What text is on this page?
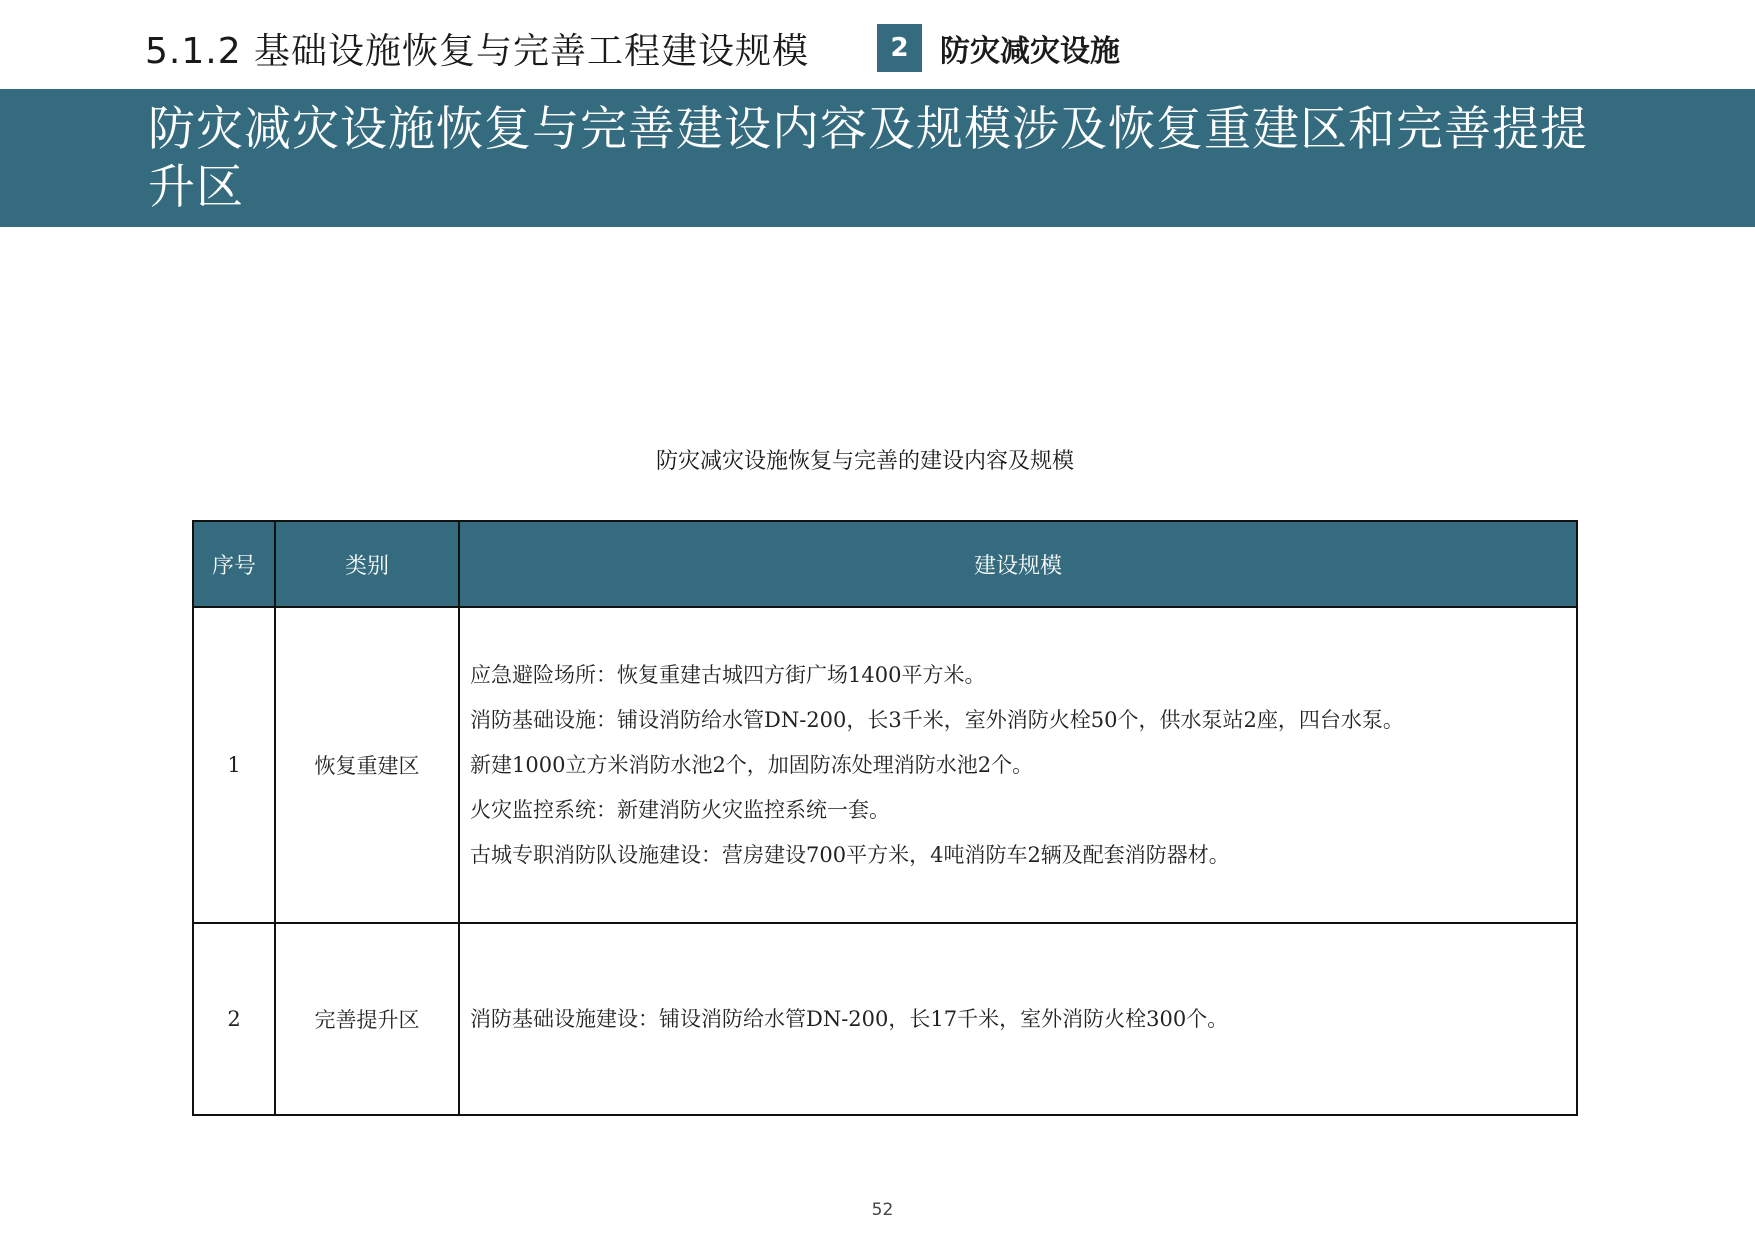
5.1.2 基础设施恢复与完善工程建设规模	2	防灾减灾设施
防灾减灾设施恢复与完善建设内容及规模涉及恢复重建区和完善提提升区
防灾减灾设施恢复与完善的建设内容及规模
序号	类别	建设规模
1	恢复重建区	应急避险场所：恢复重建古城四方街广场1400平方米。
消防基础设施：铺设消防给水管DN-200，长3千米，室外消防火栓50个，供水泵站2座，四台水泵。
新建1000立方米消防水池2个，加固防冻处理消防水池2个。
火灾监控系统：新建消防火灾监控系统一套。
古城专职消防队设施建设：营房建设700平方米，4吨消防车2辆及配套消防器材。

2	完善提升区	消防基础设施建设：铺设消防给水管DN-200，长17千米，室外消防火栓300个。
52
